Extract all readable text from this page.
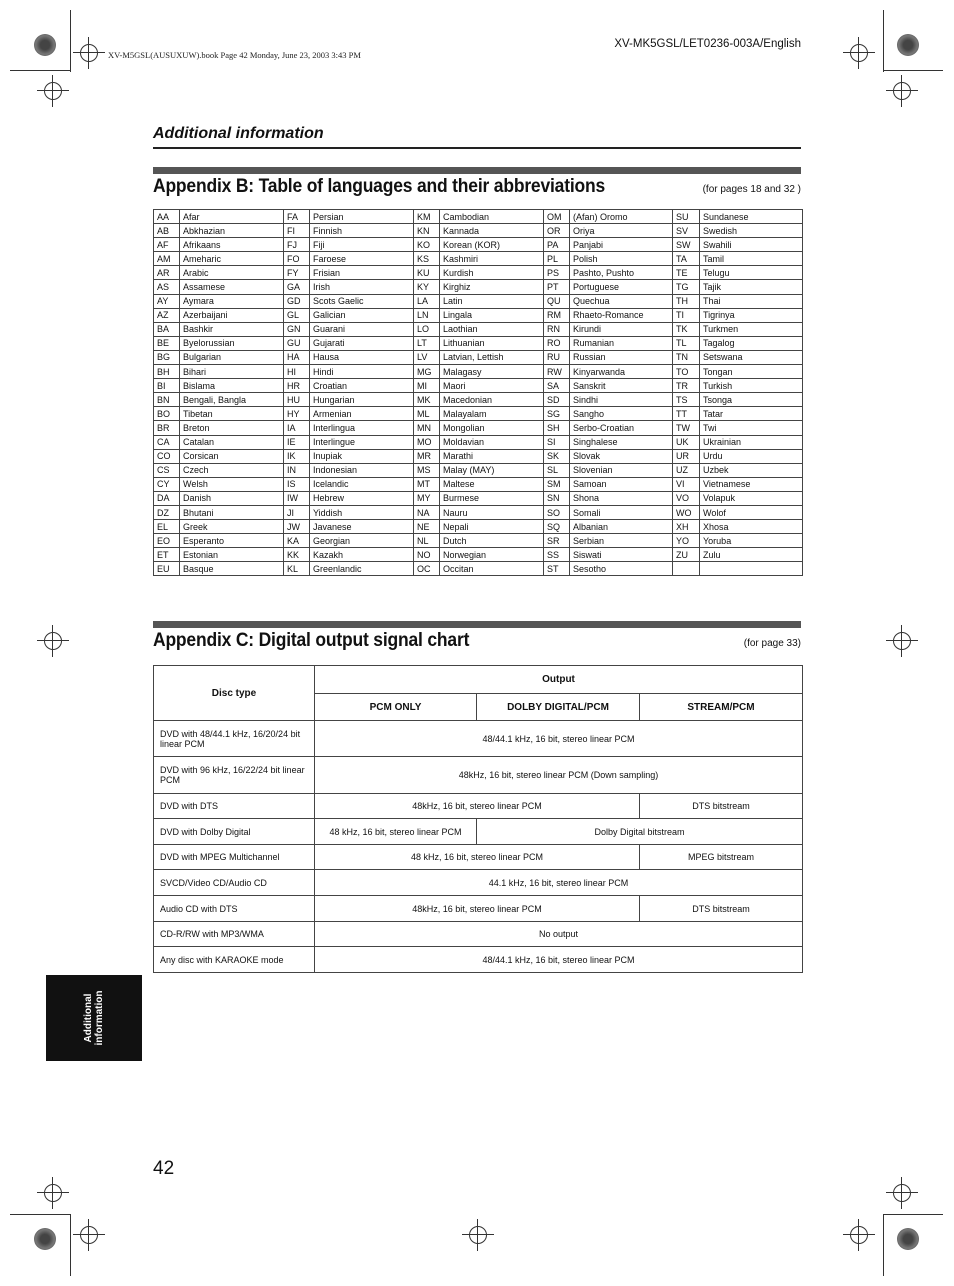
XV-M5GSL(AUSUXUW).book Page 42 Monday, June 23, 2003 3:43 PM
XV-MK5GSL/LET0236-003A/English
Additional information
Appendix B: Table of languages and their abbreviations	(for pages 18 and 32 )
AA	Afar	FA	Persian	KM	Cambodian	OM	(Afan) Oromo	SU	Sundanese
AB	Abkhazian	FI	Finnish	KN	Kannada	OR	Oriya	SV	Swedish
AF	Afrikaans	FJ	Fiji	KO	Korean (KOR)	PA	Panjabi	SW	Swahili
AM	Ameharic	FO	Faroese	KS	Kashmiri	PL	Polish	TA	Tamil
AR	Arabic	FY	Frisian	KU	Kurdish	PS	Pashto, Pushto	TE	Telugu
AS	Assamese	GA	Irish	KY	Kirghiz	PT	Portuguese	TG	Tajik
AY	Aymara	GD	Scots Gaelic	LA	Latin	QU	Quechua	TH	Thai
AZ	Azerbaijani	GL	Galician	LN	Lingala	RM	Rhaeto-Romance	TI	Tigrinya
BA	Bashkir	GN	Guarani	LO	Laothian	RN	Kirundi	TK	Turkmen
BE	Byelorussian	GU	Gujarati	LT	Lithuanian	RO	Rumanian	TL	Tagalog
BG	Bulgarian	HA	Hausa	LV	Latvian, Lettish	RU	Russian	TN	Setswana
BH	Bihari	HI	Hindi	MG	Malagasy	RW	Kinyarwanda	TO	Tongan
BI	Bislama	HR	Croatian	MI	Maori	SA	Sanskrit	TR	Turkish
BN	Bengali, Bangla	HU	Hungarian	MK	Macedonian	SD	Sindhi	TS	Tsonga
BO	Tibetan	HY	Armenian	ML	Malayalam	SG	Sangho	TT	Tatar
BR	Breton	IA	Interlingua	MN	Mongolian	SH	Serbo-Croatian	TW	Twi
CA	Catalan	IE	Interlingue	MO	Moldavian	SI	Singhalese	UK	Ukrainian
CO	Corsican	IK	Inupiak	MR	Marathi	SK	Slovak	UR	Urdu
CS	Czech	IN	Indonesian	MS	Malay (MAY)	SL	Slovenian	UZ	Uzbek
CY	Welsh	IS	Icelandic	MT	Maltese	SM	Samoan	VI	Vietnamese
DA	Danish	IW	Hebrew	MY	Burmese	SN	Shona	VO	Volapuk
DZ	Bhutani	JI	Yiddish	NA	Nauru	SO	Somali	WO	Wolof
EL	Greek	JW	Javanese	NE	Nepali	SQ	Albanian	XH	Xhosa
EO	Esperanto	KA	Georgian	NL	Dutch	SR	Serbian	YO	Yoruba
ET	Estonian	KK	Kazakh	NO	Norwegian	SS	Siswati	ZU	Zulu
EU	Basque	KL	Greenlandic	OC	Occitan	ST	Sesotho		
Appendix C: Digital output signal chart	(for page 33)
Disc type	Output		
	PCM ONLY	DOLBY DIGITAL/PCM	STREAM/PCM
DVD with 48/44.1 kHz, 16/20/24 bit linear PCM	48/44.1 kHz, 16 bit, stereo linear PCM		
DVD with 96 kHz, 16/22/24 bit linear PCM	48kHz, 16 bit, stereo linear PCM (Down sampling)		
DVD with DTS	48kHz, 16 bit, stereo linear PCM		DTS bitstream
DVD with Dolby Digital	48 kHz, 16 bit, stereo linear PCM	Dolby Digital bitstream	
DVD with MPEG Multichannel	48 kHz, 16 bit, stereo linear PCM		MPEG bitstream
SVCD/Video CD/Audio CD	44.1 kHz, 16 bit, stereo linear PCM		
Audio CD with DTS	48kHz, 16 bit, stereo linear PCM		DTS bitstream
CD-R/RW with MP3/WMA	No output		
Any disc with KARAOKE mode	48/44.1 kHz, 16 bit, stereo linear PCM		
Additional information
42
